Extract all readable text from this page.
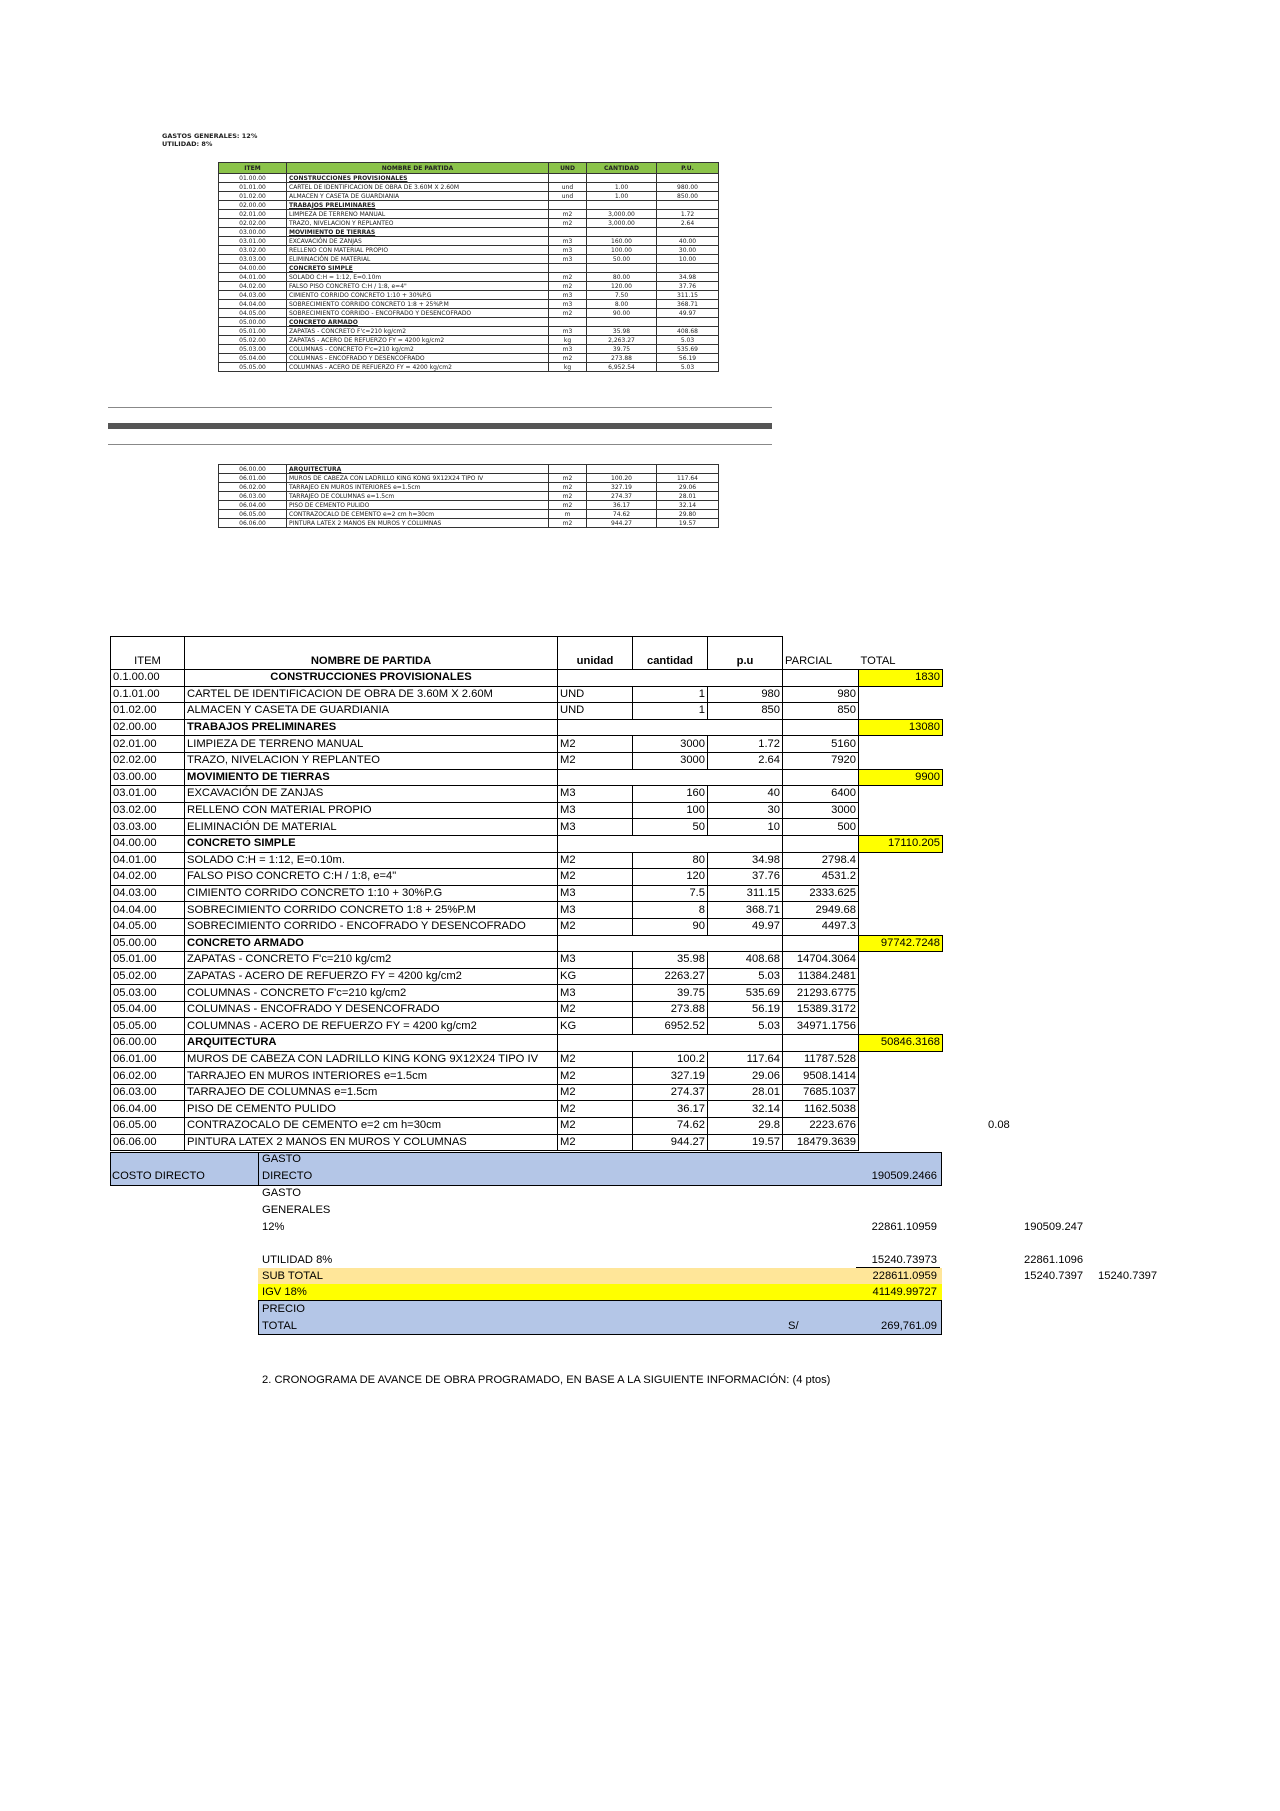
GASTOS GENERALES: 12%
UTILIDAD: 8%
ITEM	NOMBRE DE PARTIDA	UND	CANTIDAD	P.U.
01.00.00	CONSTRUCCIONES PROVISIONALES			
01.01.00	CARTEL DE IDENTIFICACION DE OBRA DE 3.60M X 2.60M	und	1.00	980.00
01.02.00	ALMACEN Y CASETA DE GUARDIANIA	und	1.00	850.00
02.00.00	TRABAJOS PRELIMINARES			
02.01.00	LIMPIEZA DE TERRENO MANUAL	m2	3,000.00	1.72
02.02.00	TRAZO, NIVELACION Y REPLANTEO	m2	3,000.00	2.64
03.00.00	MOVIMIENTO DE TIERRAS			
03.01.00	EXCAVACIÓN DE ZANJAS	m3	160.00	40.00
03.02.00	RELLENO CON MATERIAL PROPIO	m3	100.00	30.00
03.03.00	ELIMINACIÓN DE MATERIAL	m3	50.00	10.00
04.00.00	CONCRETO SIMPLE			
04.01.00	SOLADO C:H = 1:12, E=0.10m	m2	80.00	34.98
04.02.00	FALSO PISO CONCRETO C:H / 1:8, e=4"	m2	120.00	37.76
04.03.00	CIMIENTO CORRIDO CONCRETO 1:10 + 30%P.G	m3	7.50	311.15
04.04.00	SOBRECIMIENTO CORRIDO CONCRETO 1:8 + 25%P.M	m3	8.00	368.71
04.05.00	SOBRECIMIENTO CORRIDO - ENCOFRADO Y DESENCOFRADO	m2	90.00	49.97
05.00.00	CONCRETO ARMADO			
05.01.00	ZAPATAS - CONCRETO F'c=210 kg/cm2	m3	35.98	408.68
05.02.00	ZAPATAS - ACERO DE REFUERZO FY = 4200 kg/cm2	kg	2,263.27	5.03
05.03.00	COLUMNAS - CONCRETO F'c=210 kg/cm2	m3	39.75	535.69
05.04.00	COLUMNAS - ENCOFRADO Y DESENCOFRADO	m2	273.88	56.19
05.05.00	COLUMNAS - ACERO DE REFUERZO FY = 4200 kg/cm2	kg	6,952.54	5.03
06.00.00	ARQUITECTURA			
06.01.00	MUROS DE CABEZA CON LADRILLO KING KONG 9X12X24 TIPO IV	m2	100.20	117.64
06.02.00	TARRAJEO EN MUROS INTERIORES e=1.5cm	m2	327.19	29.06
06.03.00	TARRAJEO DE COLUMNAS e=1.5cm	m2	274.37	28.01
06.04.00	PISO DE CEMENTO PULIDO	m2	36.17	32.14
06.05.00	CONTRAZOCALO DE CEMENTO e=2 cm h=30cm	m	74.62	29.80
06.06.00	PINTURA LATEX 2 MANOS EN MUROS Y COLUMNAS	m2	944.27	19.57
ITEM	NOMBRE DE PARTIDA	unidad	cantidad	p.u	PARCIAL	TOTAL
0.1.00.00	CONSTRUCCIONES PROVISIONALES					1830
0.1.01.00	CARTEL DE IDENTIFICACION DE OBRA DE 3.60M X 2.60M	UND	1	980	980	
01.02.00	ALMACEN Y CASETA DE GUARDIANIA	UND	1	850	850	
02.00.00	TRABAJOS PRELIMINARES					13080
02.01.00	LIMPIEZA DE TERRENO MANUAL	M2	3000	1.72	5160	
02.02.00	TRAZO, NIVELACION Y REPLANTEO	M2	3000	2.64	7920	
03.00.00	MOVIMIENTO DE TIERRAS					9900
03.01.00	EXCAVACIÓN DE ZANJAS	M3	160	40	6400	
03.02.00	RELLENO CON MATERIAL PROPIO	M3	100	30	3000	
03.03.00	ELIMINACIÓN DE MATERIAL	M3	50	10	500	
04.00.00	CONCRETO SIMPLE					17110.205
04.01.00	SOLADO C:H = 1:12, E=0.10m.	M2	80	34.98	2798.4	
04.02.00	FALSO PISO CONCRETO C:H / 1:8, e=4"	M2	120	37.76	4531.2	
04.03.00	CIMIENTO CORRIDO CONCRETO 1:10 + 30%P.G	M3	7.5	311.15	2333.625	
04.04.00	SOBRECIMIENTO CORRIDO CONCRETO 1:8 + 25%P.M	M3	8	368.71	2949.68	
04.05.00	SOBRECIMIENTO CORRIDO - ENCOFRADO Y DESENCOFRADO	M2	90	49.97	4497.3	
05.00.00	CONCRETO ARMADO					97742.7248
05.01.00	ZAPATAS - CONCRETO F'c=210 kg/cm2	M3	35.98	408.68	14704.3064	
05.02.00	ZAPATAS - ACERO DE REFUERZO FY = 4200 kg/cm2	KG	2263.27	5.03	11384.2481	
05.03.00	COLUMNAS - CONCRETO F'c=210 kg/cm2	M3	39.75	535.69	21293.6775	
05.04.00	COLUMNAS - ENCOFRADO Y DESENCOFRADO	M2	273.88	56.19	15389.3172	
05.05.00	COLUMNAS - ACERO DE REFUERZO FY = 4200 kg/cm2	KG	6952.52	5.03	34971.1756	
06.00.00	ARQUITECTURA					50846.3168
06.01.00	MUROS DE CABEZA CON LADRILLO KING KONG 9X12X24 TIPO IV	M2	100.2	117.64	11787.528	
06.02.00	TARRAJEO EN MUROS INTERIORES e=1.5cm	M2	327.19	29.06	9508.1414	
06.03.00	TARRAJEO DE COLUMNAS e=1.5cm	M2	274.37	28.01	7685.1037	
06.04.00	PISO DE CEMENTO PULIDO	M2	36.17	32.14	1162.5038	
06.05.00	CONTRAZOCALO DE CEMENTO e=2 cm h=30cm	M2	74.62	29.8	2223.676	
06.06.00	PINTURA LATEX 2 MANOS EN MUROS Y COLUMNAS	M2	944.27	19.57	18479.3639	
COSTO DIRECTO
GASTO
DIRECTO	190509.2466
GASTO
GENERALES
12%	22861.10959	190509.247
UTILIDAD 8%	15240.73973	22861.1096
SUB TOTAL	228611.0959	15240.7397 15240.7397
IGV 18%	41149.99727
PRECIO
TOTAL	S/	269,761.09
0.08
2. CRONOGRAMA DE AVANCE DE OBRA PROGRAMADO, EN BASE A LA SIGUIENTE INFORMACIÓN: (4 ptos)
